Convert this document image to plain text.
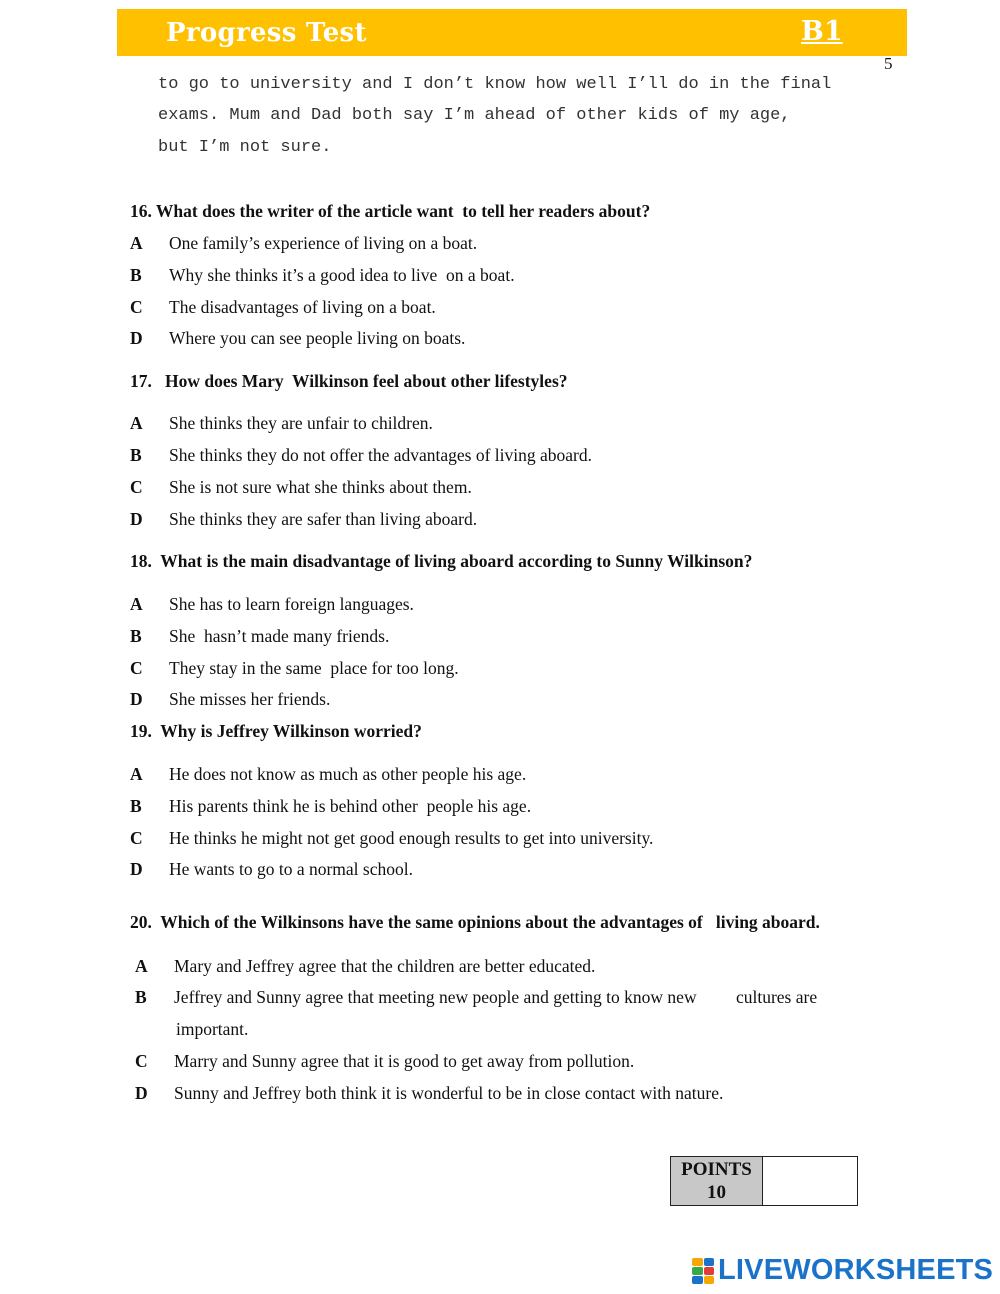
Progress Test	B1
5
to go to university and I don’t know how well I’ll do in the final
exams. Mum and Dad both say I’m ahead of other kids of my age,
but I’m not sure.
16. What does the writer of the article want  to tell her readers about?
A One family’s experience of living on a boat.
B Why she thinks it’s a good idea to live  on a boat.
C The disadvantages of living on a boat.
D Where you can see people living on boats.
17.   How does Mary  Wilkinson feel about other lifestyles?
A She thinks they are unfair to children.
B She thinks they do not offer the advantages of living aboard.
C She is not sure what she thinks about them.
D She thinks they are safer than living aboard.
18.  What is the main disadvantage of living aboard according to Sunny Wilkinson?
A She has to learn foreign languages.
B She  hasn’t made many friends.
C They stay in the same  place for too long.
D She misses her friends.
19.  Why is Jeffrey Wilkinson worried?
A He does not know as much as other people his age.
B His parents think he is behind other  people his age.
C He thinks he might not get good enough results to get into university.
D He wants to go to a normal school.
20.  Which of the Wilkinsons have the same opinions about the advantages of   living aboard.
A Mary and Jeffrey agree that the children are better educated.
B Jeffrey and Sunny agree that meeting new people and getting to know new         cultures are
important.
C Marry and Sunny agree that it is good to get away from pollution.
D Sunny and Jeffrey both think it is wonderful to be in close contact with nature.
POINTS
10
LIVEWORKSHEETS
